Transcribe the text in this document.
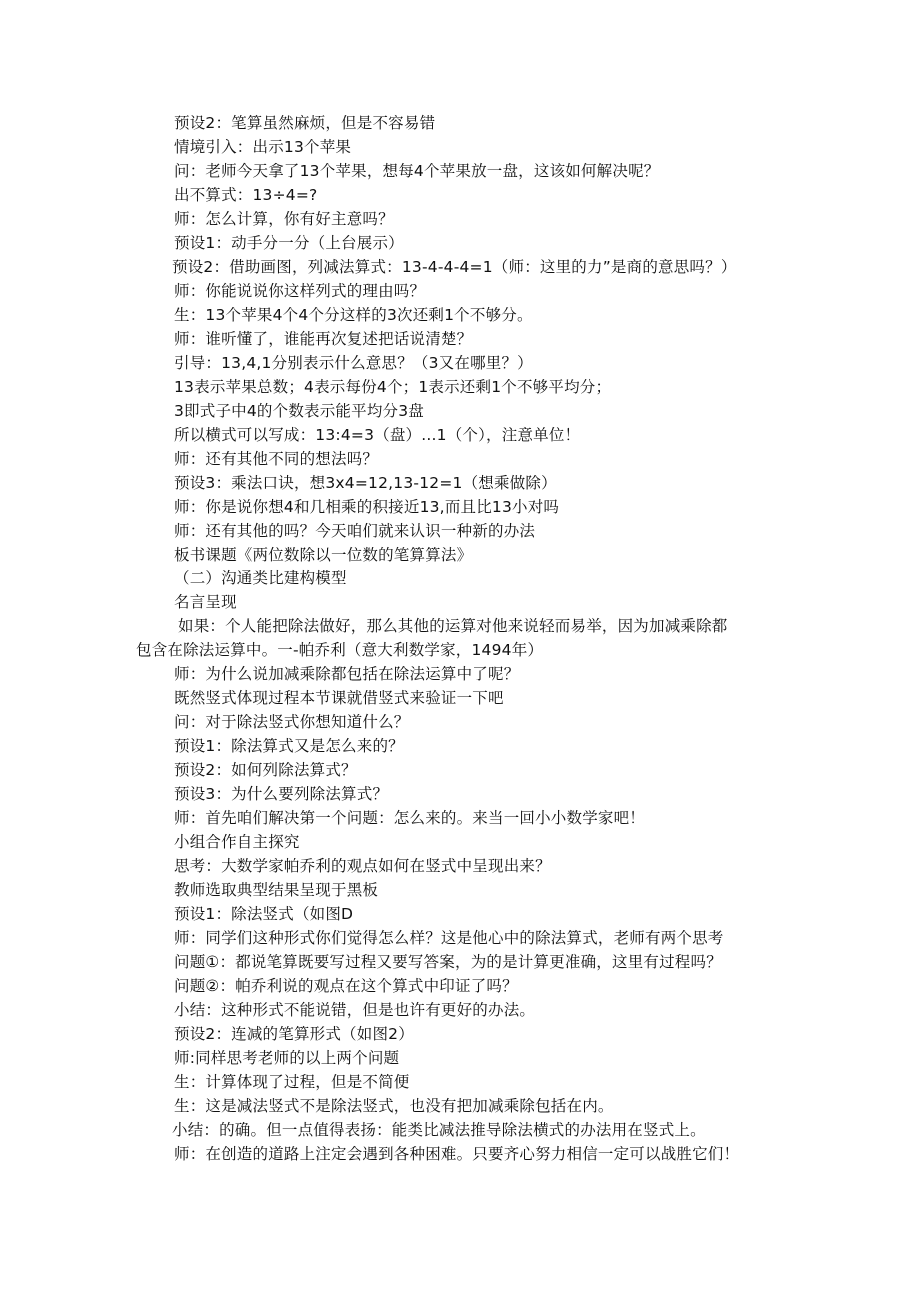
预设2：笔算虽然麻烦，但是不容易错
情境引入：出示13个苹果
问：老师今天拿了13个苹果，想每4个苹果放一盘，这该如何解决呢？
出不算式：13÷4=?
师：怎么计算，你有好主意吗？
预设1：动手分一分（上台展示）
预设2：借助画图，列减法算式：13-4-4-4=1（师：这里的力”是商的意思吗？）
师：你能说说你这样列式的理由吗？
生：13个苹果4个4个分这样的3次还剩1个不够分。
师：谁听懂了，谁能再次复述把话说清楚？
引导：13,4,1分别表示什么意思？（3又在哪里？）
13表示苹果总数；4表示每份4个；1表示还剩1个不够平均分；
3即式子中4的个数表示能平均分3盘
所以横式可以写成：13:4=3（盘）...1（个），注意单位！
师：还有其他不同的想法吗？
预设3：乘法口诀，想3x4=12,13-12=1（想乘做除）
师：你是说你想4和几相乘的积接近13,而且比13小对吗
师：还有其他的吗？今天咱们就来认识一种新的办法
板书课题《两位数除以一位数的笔算算法》
（二）沟通类比建构模型
名言呈现
如果：个人能把除法做好，那么其他的运算对他来说轻而易举，因为加减乘除都
包含在除法运算中。一-帕乔利（意大利数学家，1494年）
师：为什么说加减乘除都包括在除法运算中了呢？
既然竖式体现过程本节课就借竖式来验证一下吧
问：对于除法竖式你想知道什么？
预设1：除法算式又是怎么来的？
预设2：如何列除法算式？
预设3：为什么要列除法算式？
师：首先咱们解决第一个问题：怎么来的。来当一回小小数学家吧！
小组合作自主探究
思考：大数学家帕乔利的观点如何在竖式中呈现出来？
教师选取典型结果呈现于黑板
预设1：除法竖式（如图D
师：同学们这种形式你们觉得怎么样？这是他心中的除法算式，老师有两个思考
问题①：都说笔算既要写过程又要写答案，为的是计算更准确，这里有过程吗？
问题②：帕乔利说的观点在这个算式中印证了吗？
小结：这种形式不能说错，但是也许有更好的办法。
预设2：连减的笔算形式（如图2）
师:同样思考老师的以上两个问题
生：计算体现了过程，但是不简便
生：这是减法竖式不是除法竖式，也没有把加减乘除包括在内。
小结：的确。但一点值得表扬：能类比减法推导除法横式的办法用在竖式上。
师：在创造的道路上注定会遇到各种困难。只要齐心努力相信一定可以战胜它们！
